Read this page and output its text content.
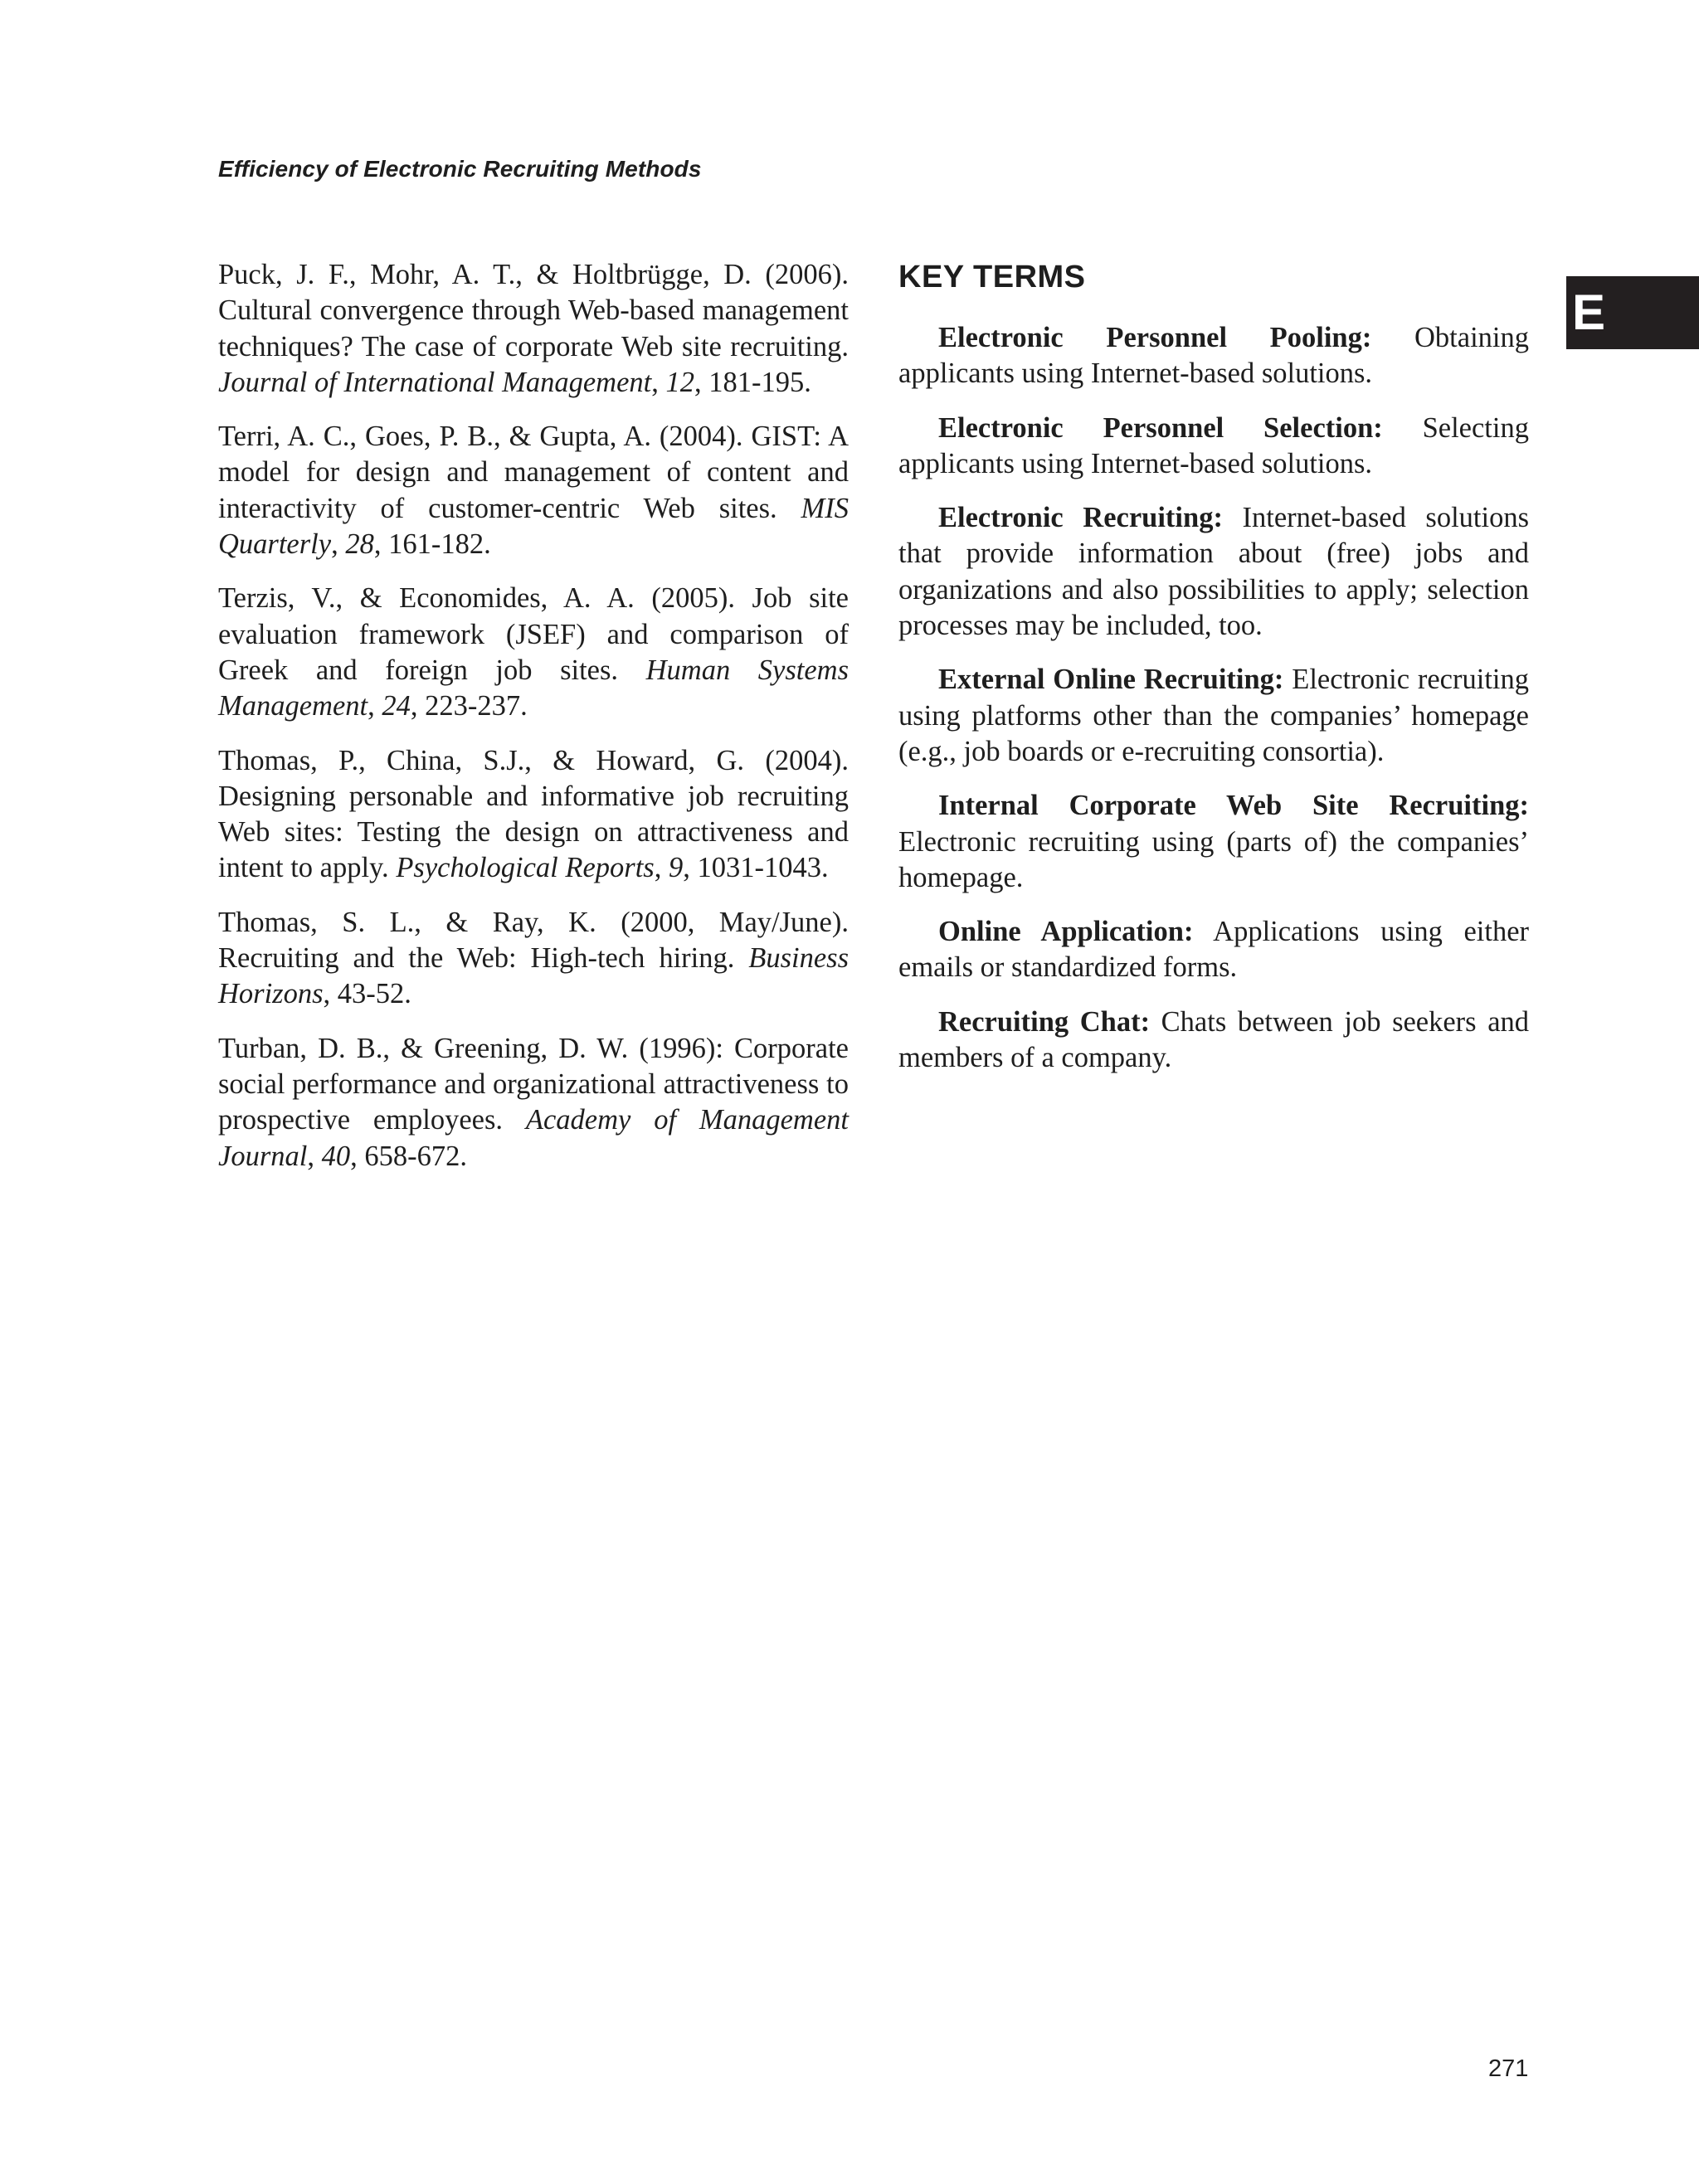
Efficiency of Electronic Recruiting Methods
E

Puck, J. F., Mohr, A. T., & Holtbrügge, D. (2006). Cultural convergence through Web-based management techniques? The case of corporate Web site recruiting. Journal of International Management, 12, 181-195.

Terri, A. C., Goes, P. B., & Gupta, A. (2004). GIST: A model for design and management of content and interactivity of customer-centric Web sites. MIS Quarterly, 28, 161-182.

Terzis, V., & Economides, A. A. (2005). Job site evaluation framework (JSEF) and comparison of Greek and foreign job sites. Human Systems Management, 24, 223-237.

Thomas, P., China, S.J., & Howard, G. (2004). Designing personable and informative job recruiting Web sites: Testing the design on attractiveness and intent to apply. Psychological Reports, 9, 1031-1043.

Thomas, S. L., & Ray, K. (2000, May/June). Recruiting and the Web: High-tech hiring. Business Horizons, 43-52.

Turban, D. B., & Greening, D. W. (1996): Corporate social performance and organizational attractiveness to prospective employees. Academy of Management Journal, 40, 658-672.

KEY TERMS

Electronic Personnel Pooling: Obtaining applicants using Internet-based solutions.

Electronic Personnel Selection: Selecting applicants using Internet-based solutions.

Electronic Recruiting: Internet-based solutions that provide information about (free) jobs and organizations and also possibilities to apply; selection processes may be included, too.

External Online Recruiting: Electronic recruiting using platforms other than the companies’ homepage (e.g., job boards or e-recruiting consortia).

Internal Corporate Web Site Recruiting: Electronic recruiting using (parts of) the companies’ homepage.

Online Application: Applications using either emails or standardized forms.

Recruiting Chat: Chats between job seekers and members of a company.

271
